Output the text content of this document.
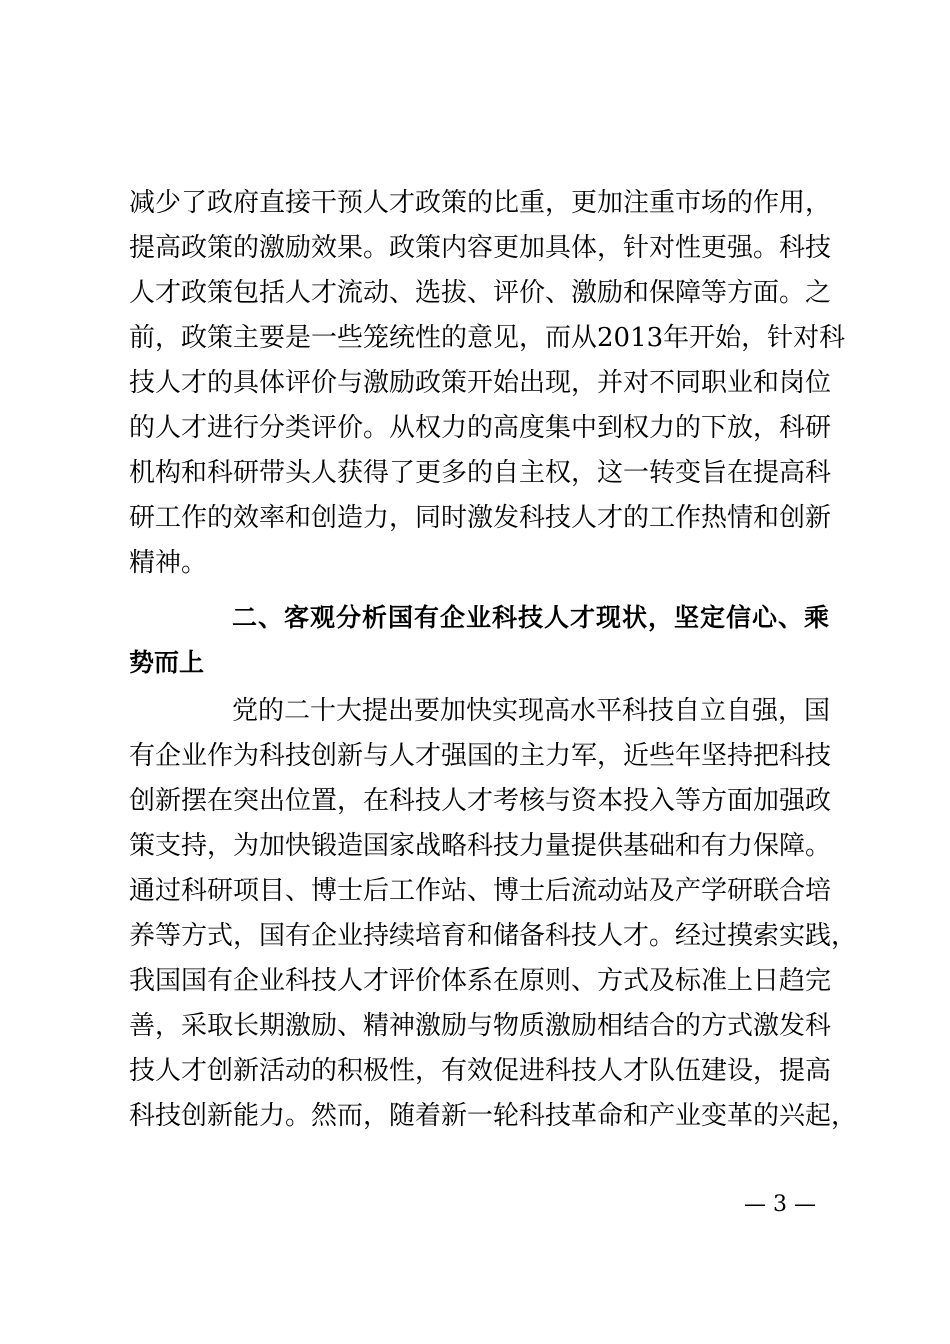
减少了政府直接干预人才政策的比重，更加注重市场的作用，
提高政策的激励效果。政策内容更加具体，针对性更强。科技
人才政策包括人才流动、选拔、评价、激励和保障等方面。之
前，政策主要是一些笼统性的意见，而从2013年开始，针对科
技人才的具体评价与激励政策开始出现，并对不同职业和岗位
的人才进行分类评价。从权力的高度集中到权力的下放，科研
机构和科研带头人获得了更多的自主权，这一转变旨在提高科
研工作的效率和创造力，同时激发科技人才的工作热情和创新
精神。
二、客观分析国有企业科技人才现状，坚定信心、乘
势而上
党的二十大提出要加快实现高水平科技自立自强，国
有企业作为科技创新与人才强国的主力军，近些年坚持把科技
创新摆在突出位置，在科技人才考核与资本投入等方面加强政
策支持，为加快锻造国家战略科技力量提供基础和有力保障。
通过科研项目、博士后工作站、博士后流动站及产学研联合培
养等方式，国有企业持续培育和储备科技人才。经过摸索实践，
我国国有企业科技人才评价体系在原则、方式及标准上日趋完
善，采取长期激励、精神激励与物质激励相结合的方式激发科
技人才创新活动的积极性，有效促进科技人才队伍建设，提高
科技创新能力。然而，随着新一轮科技革命和产业变革的兴起，
— 3 —
